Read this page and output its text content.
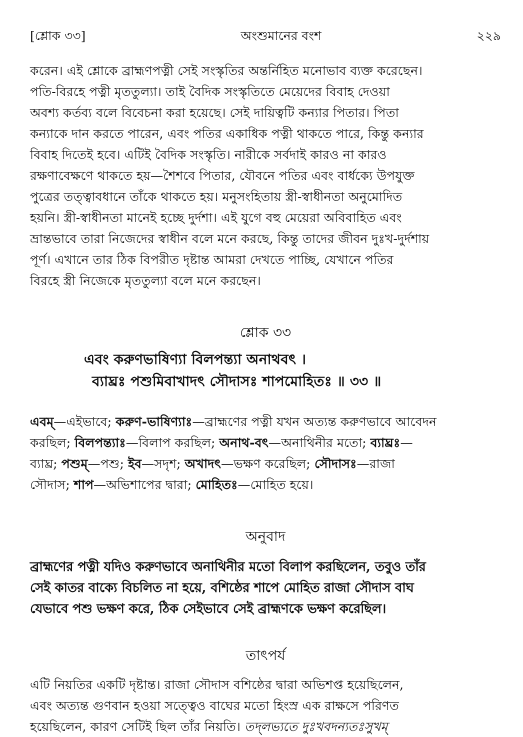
[শ্লোক ৩৩]	অংশুমানের বংশ	২২৯
করেন। এই শ্লোকে ব্রাহ্মণপত্নী সেই সংস্কৃতির অন্তর্নিহিত মনোভাব ব্যক্ত করেছেন।
পতি-বিরহে পত্নী মৃততুল্যা। তাই বৈদিক সংস্কৃতিতে মেয়েদের বিবাহ দেওয়া
অবশ্য কর্তব্য বলে বিবেচনা করা হয়েছে। সেই দায়িত্বটি কন্যার পিতার। পিতা
কন্যাকে দান করতে পারেন, এবং পতির একাধিক পত্নী থাকতে পারে, কিন্তু কন্যার
বিবাহ দিতেই হবে। এটিই বৈদিক সংস্কৃতি। নারীকে সর্বদাই কারও না কারও
রক্ষণাবেক্ষণে থাকতে হয়—শৈশবে পিতার, যৌবনে পতির এবং বার্ধক্যে উপযুক্ত
পুত্রের তত্ত্বাবধানে তাঁকে থাকতে হয়। মনুসংহিতায় স্ত্রী-স্বাধীনতা অনুমোদিত
হয়নি। স্ত্রী-স্বাধীনতা মানেই হচ্ছে দুর্দশা। এই যুগে বহু মেয়েরা অবিবাহিত এবং
ভ্রান্তভাবে তারা নিজেদের স্বাধীন বলে মনে করছে, কিন্তু তাদের জীবন দুঃখ-দুর্দশায়
পূর্ণ। এখানে তার ঠিক বিপরীত দৃষ্টান্ত আমরা দেখতে পাচ্ছি, যেখানে পতির
বিরহে স্ত্রী নিজেকে মৃততুল্যা বলে মনে করছেন।
শ্লোক ৩৩
এবং করুণভাষিণ্যা বিলপন্ত্যা অনাথবৎ ।
ব্যাঘ্রঃ পশুমিবাখাদৎ সৌদাসঃ শাপমোহিতঃ ॥ ৩৩ ॥
এবম্—এইভাবে; করুণ-ভাষিণ্যাঃ—ব্রাহ্মণের পত্নী যখন অত্যন্ত করুণভাবে আবেদন
করছিল; বিলপন্ত্যাঃ—বিলাপ করছিল; অনাথ-বৎ—অনাথিনীর মতো; ব্যাঘ্রঃ—
ব্যাঘ্র; পশুম্—পশু; ইব—সদৃশ; অখাদৎ—ভক্ষণ করেছিল; সৌদাসঃ—রাজা
সৌদাস; শাপ—অভিশাপের দ্বারা; মোহিতঃ—মোহিত হয়ে।
অনুবাদ
ব্রাহ্মণের পত্নী যদিও করুণভাবে অনাথিনীর মতো বিলাপ করছিলেন, তবুও তাঁর
সেই কাতর বাক্যে বিচলিত না হয়ে, বশিষ্ঠের শাপে মোহিত রাজা সৌদাস বাঘ
যেভাবে পশু ভক্ষণ করে, ঠিক সেইভাবে সেই ব্রাহ্মণকে ভক্ষণ করেছিল।
তাৎপর্য
এটি নিয়তির একটি দৃষ্টান্ত। রাজা সৌদাস বশিষ্ঠের দ্বারা অভিশপ্ত হয়েছিলেন,
এবং অত্যন্ত গুণবান হওয়া সত্ত্বেও বাঘের মতো হিংস্র এক রাক্ষসে পরিণত
হয়েছিলেন, কারণ সেটিই ছিল তাঁর নিয়তি। তদ্লভ্যতে দুঃখবদন্যতঃসুখম্
